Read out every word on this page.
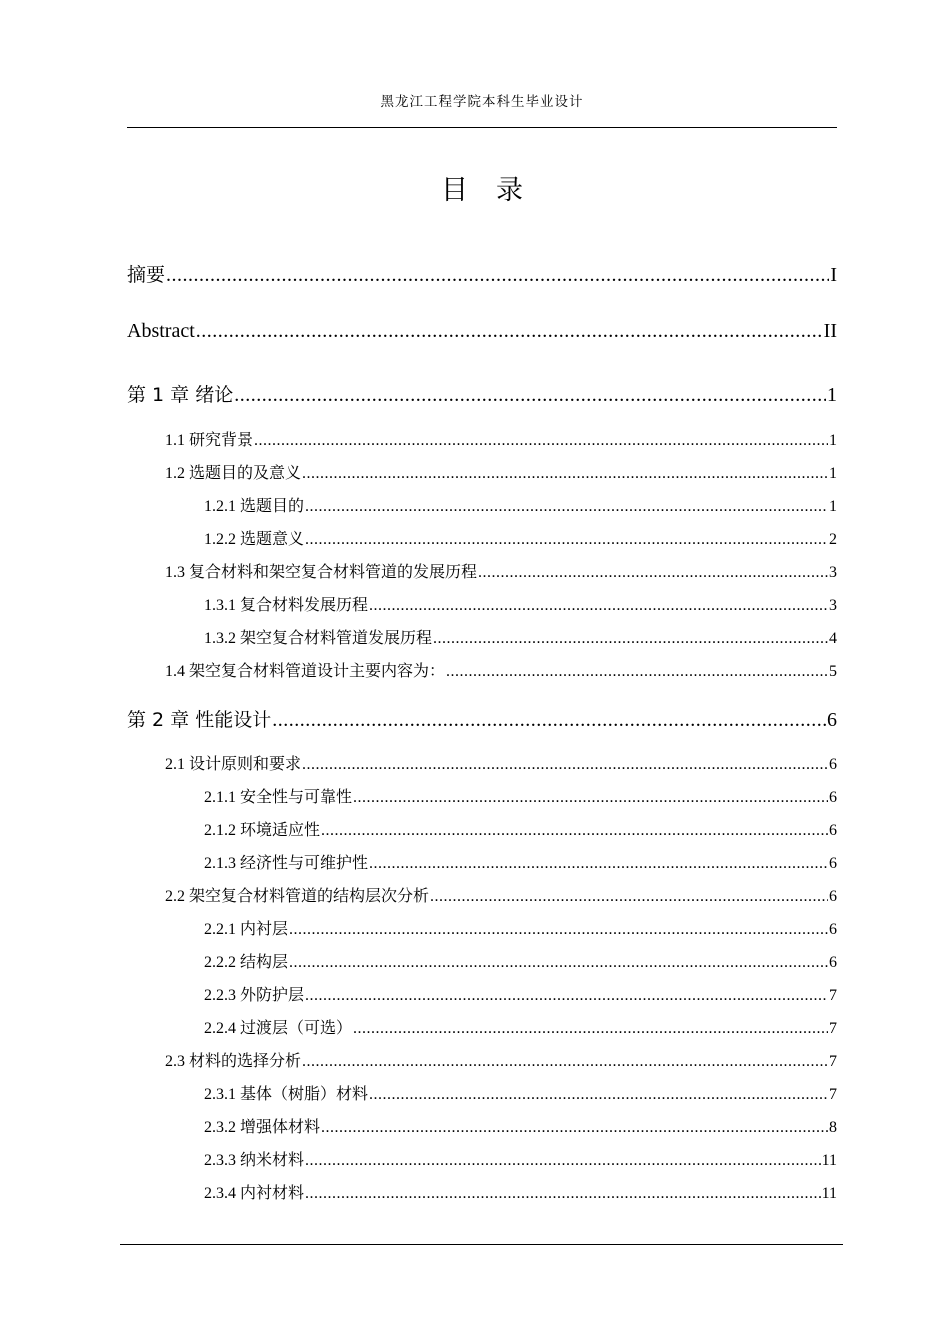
黑龙江工程学院本科生毕业设计
目录
摘要 .....	I
Abstract .....	II
第 1 章 绪论 .....	1
1.1 研究背景 .....	1
1.2 选题目的及意义 .....	1
1.2.1 选题目的 .....	1
1.2.2 选题意义 .....	2
1.3 复合材料和架空复合材料管道的发展历程 .....	3
1.3.1 复合材料发展历程 .....	3
1.3.2 架空复合材料管道发展历程 .....	4
1.4 架空复合材料管道设计主要内容为： .....	5
第 2 章 性能设计 .....	6
2.1 设计原则和要求 .....	6
2.1.1 安全性与可靠性 .....	6
2.1.2 环境适应性 .....	6
2.1.3 经济性与可维护性 .....	6
2.2 架空复合材料管道的结构层次分析 .....	6
2.2.1 内衬层 .....	6
2.2.2 结构层 .....	6
2.2.3 外防护层 .....	7
2.2.4 过渡层（可选） .....	7
2.3 材料的选择分析 .....	7
2.3.1 基体（树脂）材料 .....	7
2.3.2 增强体材料 .....	8
2.3.3 纳米材料 .....	11
2.3.4 内衬材料 .....	11
